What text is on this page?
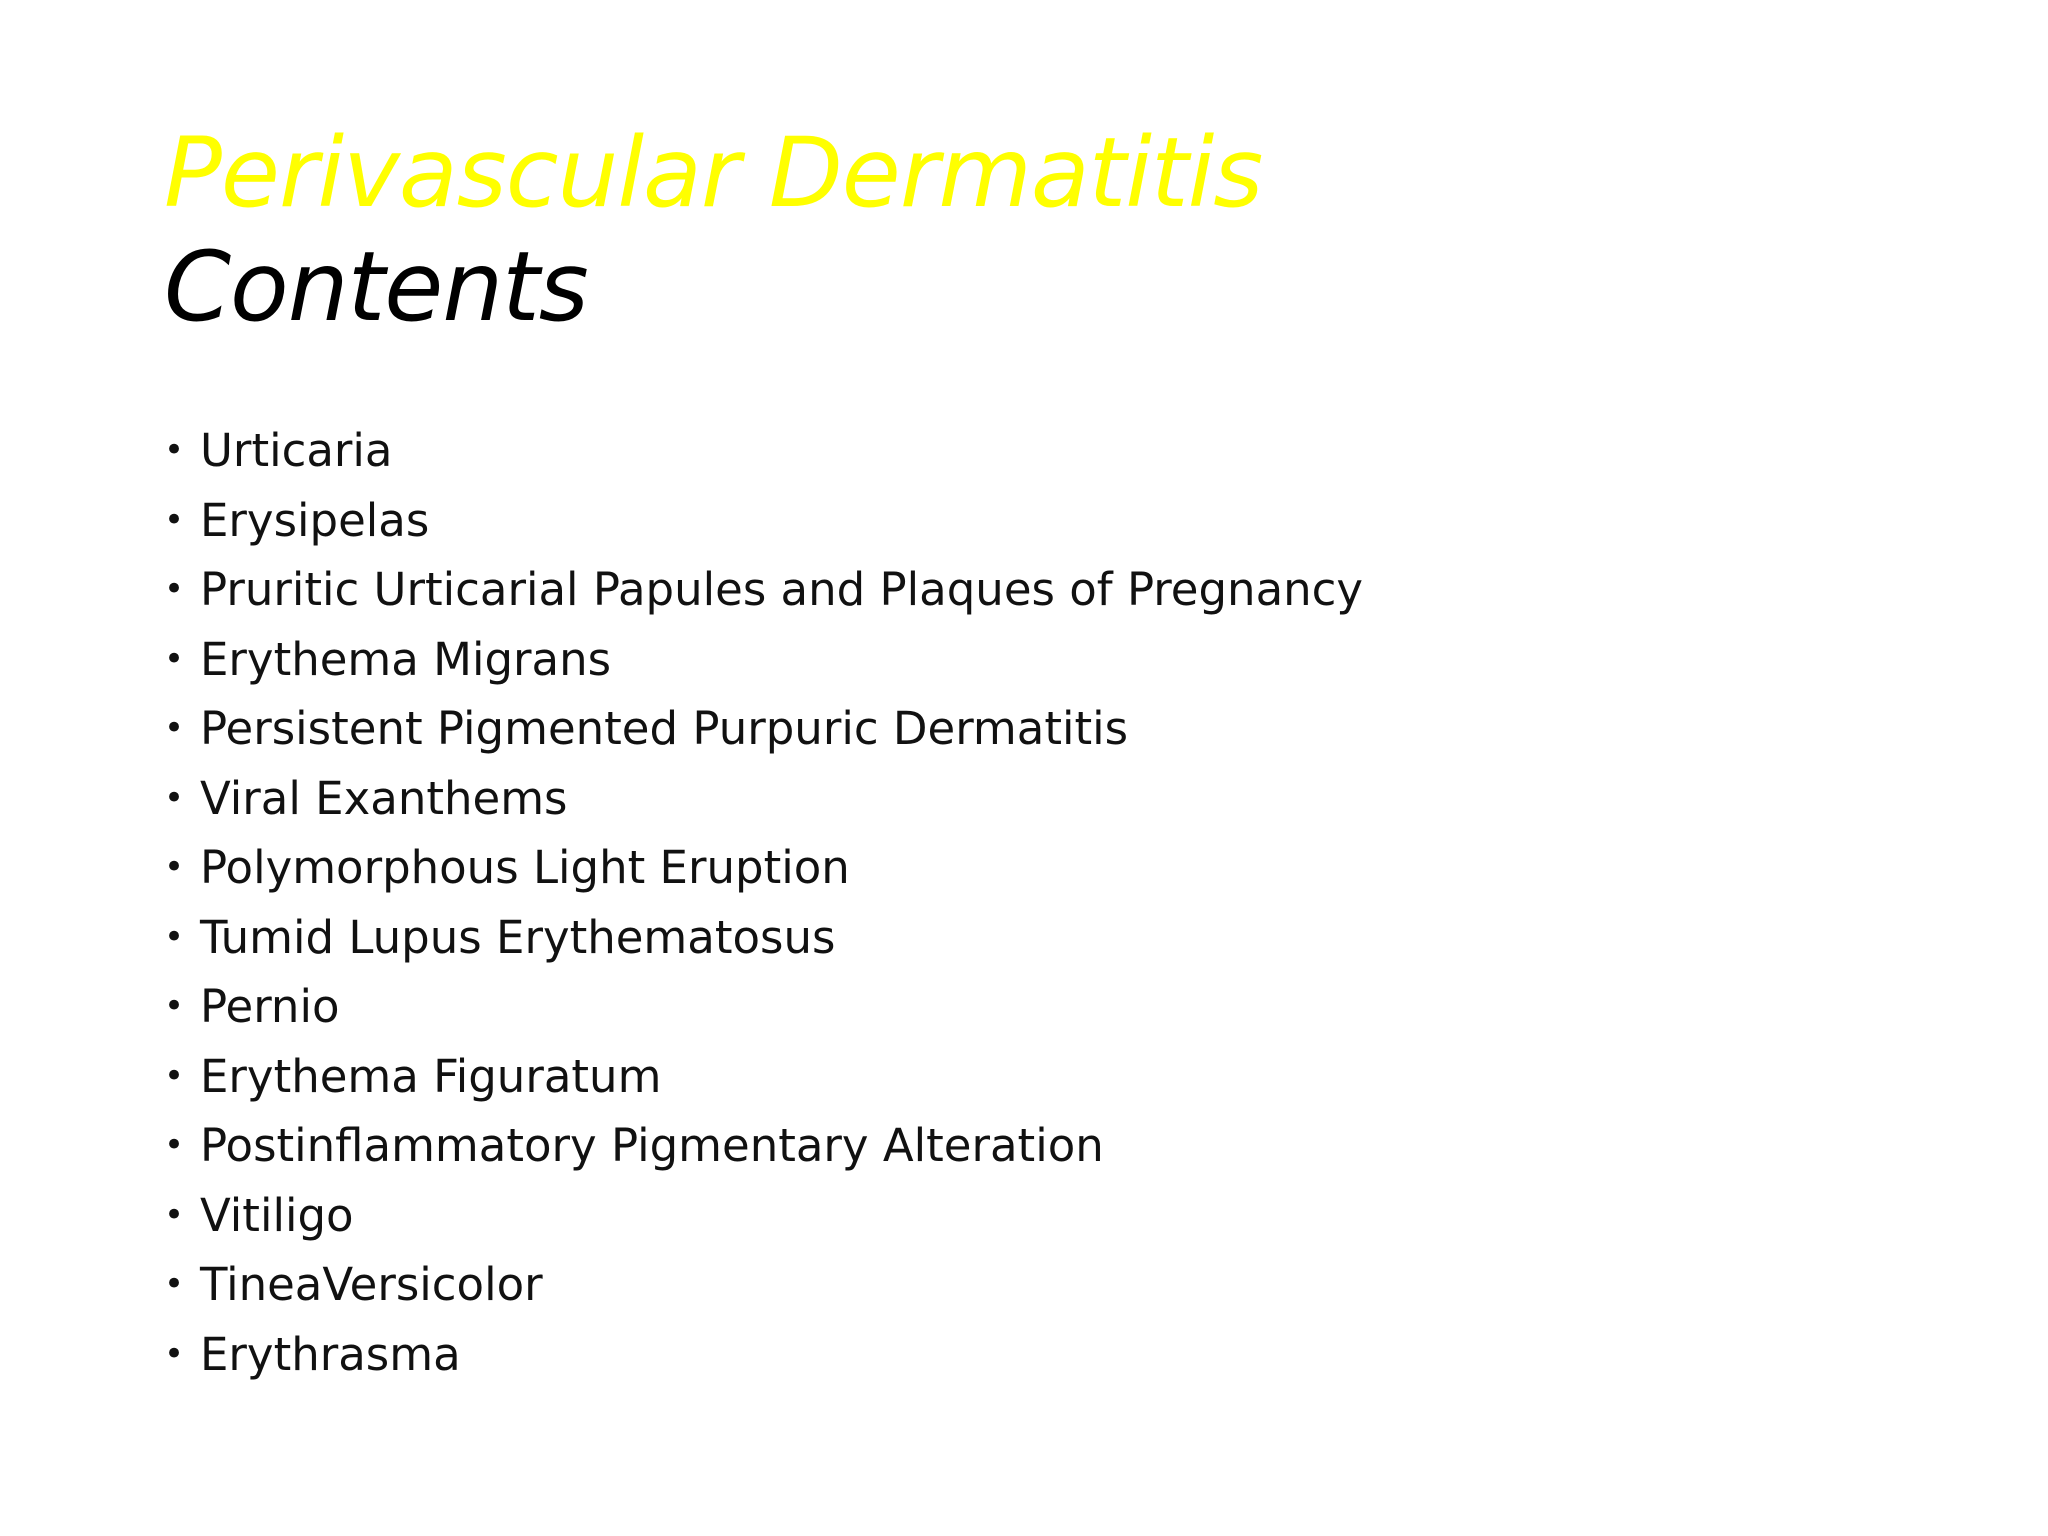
Perivascular Dermatitis
Contents
• Urticaria
• Erysipelas
• Pruritic Urticarial Papules and Plaques of Pregnancy
• Erythema Migrans
• Persistent Pigmented Purpuric Dermatitis
• Viral Exanthems
• Polymorphous Light Eruption
• Tumid Lupus Erythematosus
• Pernio
• Erythema Figuratum
• Postinflammatory Pigmentary Alteration
• Vitiligo
• TineaVersicolor
• Erythrasma
